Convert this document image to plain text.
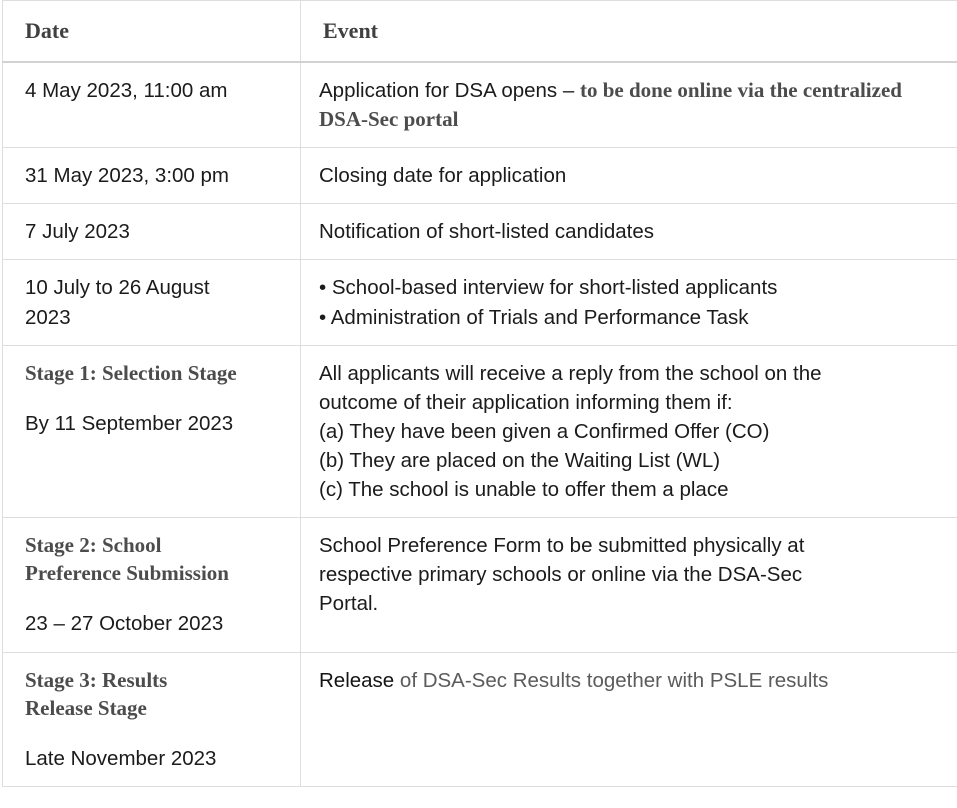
Date	Event

4 May 2023, 11:00 am	Application for DSA opens – to be done online via the centralized DSA-Sec portal

31 May 2023, 3:00 pm	Closing date for application

7 July 2023	Notification of short-listed candidates

10 July to 26 August
2023	• School-based interview for short-listed applicants
• Administration of Trials and Performance Task

Stage 1: Selection Stage
By 11 September 2023	All applicants will receive a reply from the school on the
outcome of their application informing them if:
(a) They have been given a Confirmed Offer (CO)
(b) They are placed on the Waiting List (WL)
(c) The school is unable to offer them a place

Stage 2: School
Preference Submission
23 – 27 October 2023	School Preference Form to be submitted physically at
respective primary schools or online via the DSA-Sec
Portal.

Stage 3: Results
Release Stage
Late November 2023	Release of DSA-Sec Results together with PSLE results
